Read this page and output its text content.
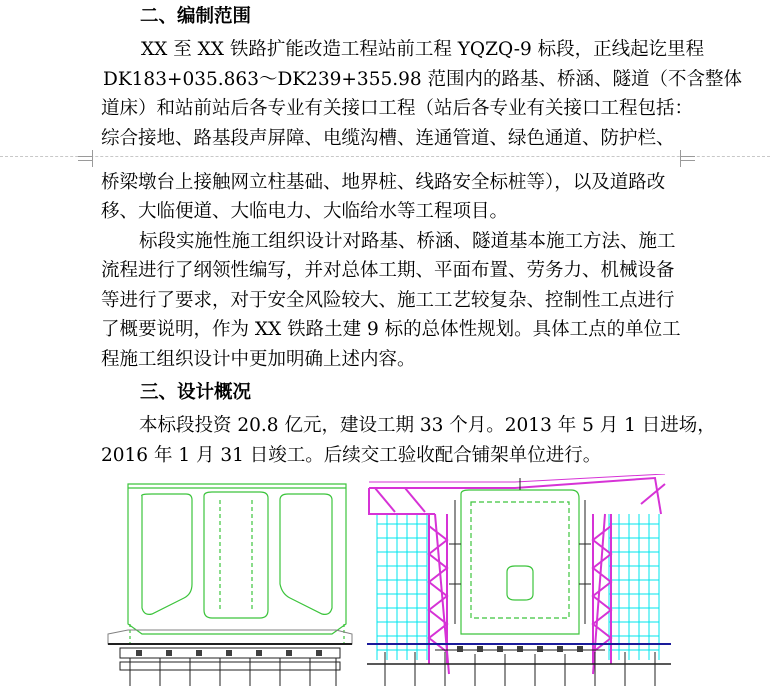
二、编制范围
XX 至 XX 铁路扩能改造工程站前工程 YQZQ-9 标段，正线起讫里程
DK183+035.863～DK239+355.98 范围内的路基、桥涵、隧道（不含整体
道床）和站前站后各专业有关接口工程（站后各专业有关接口工程包括：
综合接地、路基段声屏障、电缆沟槽、连通管道、绿色通道、防护栏、
桥梁墩台上接触网立柱基础、地界桩、线路安全标桩等），以及道路改
移、大临便道、大临电力、大临给水等工程项目。
标段实施性施工组织设计对路基、桥涵、隧道基本施工方法、施工
流程进行了纲领性编写，并对总体工期、平面布置、劳务力、机械设备
等进行了要求，对于安全风险较大、施工工艺较复杂、控制性工点进行
了概要说明，作为 XX 铁路土建 9 标的总体性规划。具体工点的单位工
程施工组织设计中更加明确上述内容。
三、设计概况
本标段投资 20.8 亿元，建设工期 33 个月。2013 年 5 月 1 日进场，
2016 年 1 月 31 日竣工。后续交工验收配合铺架单位进行。
